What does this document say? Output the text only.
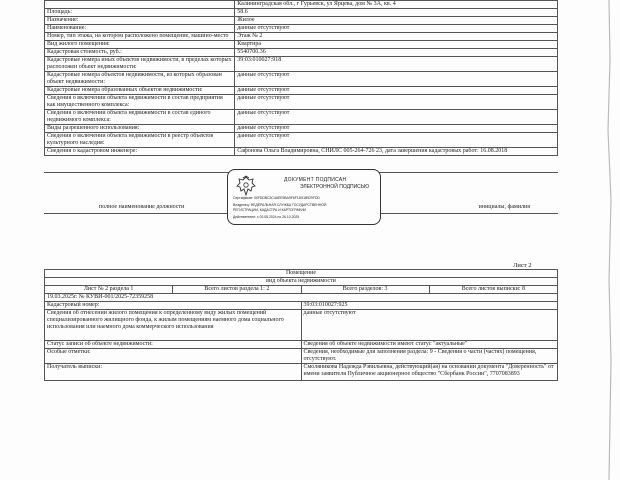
	Калининградская обл., г Гурьевск, ул Ярцева, дом № 3А, кв. 4
Площадь:	58.6
Назначение:	Жилое
Наименование:	данные отсутствуют
Номер, тип этажа, на котором расположено помещение, машино-место	Этаж № 2
Вид жилого помещения:	Квартира
Кадастровая стоимость, руб.:	5540700.36
Кадастровые номера иных объектов недвижимости, в пределах которых расположен объект недвижимости:	39:03:010027:918
Кадастровые номера объектов недвижимости, из которых образован объект недвижимости:	данные отсутствуют
Кадастровые номера образованных объектов недвижимости:	данные отсутствуют
Сведения о включении объекта недвижимости в состав предприятия как имущественного комплекса:	данные отсутствуют
Сведения о включении объекта недвижимости в состав единого недвижимого комплекса:	данные отсутствуют
Виды разрешенного использования:	данные отсутствуют
Сведения о включении объекта недвижимости в реестр объектов культурного наследия:	данные отсутствуют
Сведения о кадастровом инженере:	Сафонова Ольга Владимировна, СНИЛС 005-264-726 23, дата завершения кадастровых работ: 16.08.2018
полное наименование должности	инициалы, фамилия
ДОКУМЕНТ ПОДПИСАН
ЭЛЕКТРОННОЙ ПОДПИСЬЮ
Сертификат: 00FDDBC3C4AEE9BA9F6F1D51B929FDD
Владелец: ФЕДЕРАЛЬНАЯ СЛУЖБА ГОСУДАРСТВЕННОЙ
РЕГИСТРАЦИИ, КАДАСТРА И КАРТОГРАФИИ
Действителен: с 02.08.2024 по 26.10.2025
Лист 2
Помещение			
вид объекта недвижимости			
Лист № 2 раздела 1	Всего листов раздела 1: 2	Всего разделов: 3	Всего листов выписки: 8
19.03.2025г. № КУВИ-001/2025-72359258			
Кадастровый номер:		39:03:010027:925	
Сведения об отнесении жилого помещения к определенному виду жилых помещений специализированного жилищного фонда, к жилым помещениям наемного дома социального использования или наемного дома коммерческого использования		данные отсутствуют	
Статус записи об объекте недвижимости:		Сведения об объекте недвижимости имеют статус "актуальные"	
Особые отметки:		Сведения, необходимые для заполнения раздела: 9 - Сведения о части (частях) помещения, отсутствуют.	
Получатель выписки:		Смоляникова Надежда Рэвильевна, действующий(ая) на основании документа "Доверенность" от имени заявителя Публичное акционерное общество "Сбербанк России", 7707083893	
